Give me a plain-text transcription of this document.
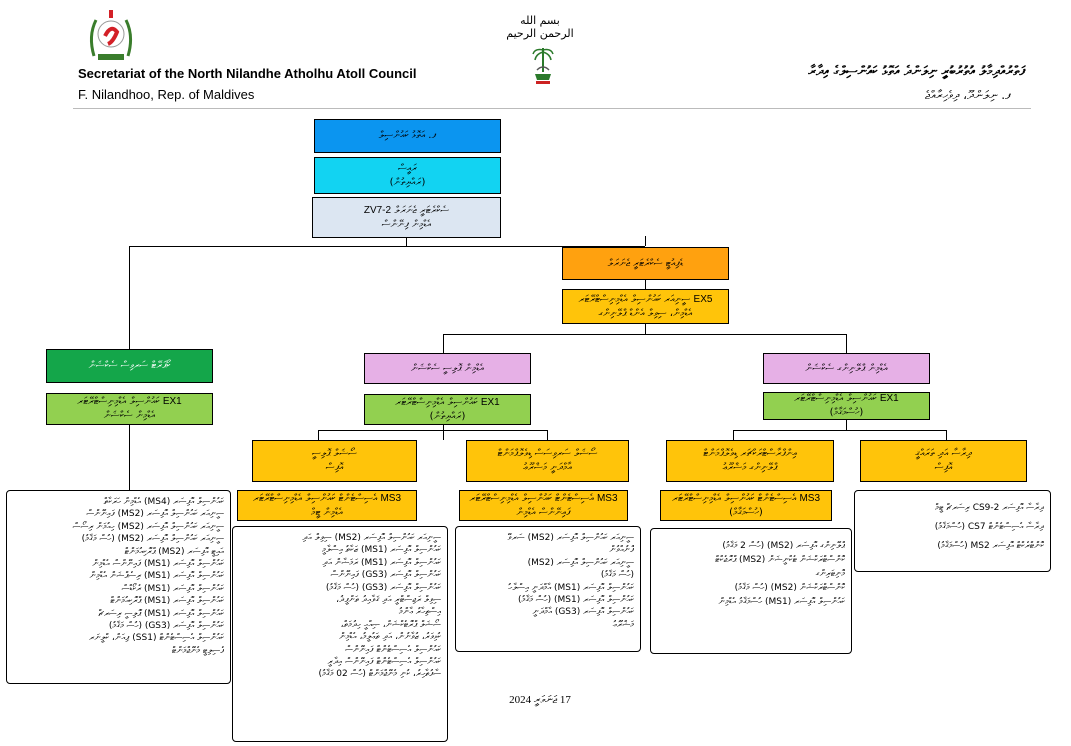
Secretariat of the North Nilandhe Atholhu Atoll Council
F. Nilandhoo, Rep. of Maldives
بسم الله الرحمن الرحيم
ފަތްރުއްދިމާލު އުތުރުބުރީ ނިލަންދެ އަތޮޅު ކައުންސިލްގެ އިދާރާ
ފ. ނިލަންދޫ، ދިވެހިރާއްޖެ
ފ. އަތޮޅު ކައުންސިލް
ރައީސް
(ރައްޔިތުން)
ސެކްރެޓަރީ ޖެނަރަލް ZV7-2
އެޑްމިން ފިނޭންސް
ޑެޕިއުޓީ ސެކްރެޓަރީ ޖެނަރަލް
EX5 ސީނިއަރ ކައުންސިލް އެޑްމިނިސްޓްރޭޓަރ
އެޑްމިން، ސިވިލް އެންޑް ޕްލޭނިންގ
ކޯޕަރޭޓް ސަރވިސް ސެކްޝަން
EX1 ކައުންސިލް އެޑްމިނިސްޓްރޭޓަރ
އެޑްމިން ސެކްޝަން
އެޑްމިން ޕޮލިސީ ސެކްޝަން
EX1 ކައުންސިލް އެޑްމިނިސްޓްރޭޓަރ
(ރައްޔިތުން)
އެޑްމިން ޕްލޭނިންގ ސެކްޝަން
EX1 ކައުންސިލް އެޑްމިނިސްޓްރޭޓަރ
(ހުސްމަޤާމް)
ސޯޝަލް ޕޮލިސީ
އޮފިސް
MS3 އެސިސްޓެންޓް ކައުންސިލް އެޑްމިނިސްޓްރޭޓަރ
އެޑްމިން ޓީމް
ސޯޝަލް ސަރވިސަސް ޑިވެލޮޕްމަންޓް
އާމްދަނީ މަޝްރޫޢު
MS3 އެސިސްޓެންޓް ކައުންސިލް އެޑްމިނިސްޓްރޭޓަރ
ފައިނޭންސް އެޑްމިން
އިންފްރާސްޓްރަކްޗަރ ޑިވެލޮޕްމަންޓް
ޕްލޭނިންގ މަޝްރޫޢު
MS3 އެސިސްޓެންޓް ކައުންސިލް އެޑްމިނިސްޓްރޭޓަރ
(ހުސްމަޤާމް)
ދިރާސާ އަދި ތަރައްޤީ
އޮފިސް
ކައުންސިލް އޮފިސަރ (MS4) އެޑްމިން ހަރަކާތް
ސީނިއަރ ކައުންސިލް އޮފިސަރ (MS2) ފައިނޭންސް
ސީނިއަރ ކައުންސިލް އޮފިސަރ (MS2) ހިއުމަން ރިސޯސް
ސީނިއަރ ކައުންސިލް އޮފިސަރ (MS2) (ހުސް މަޤާމު)
އައިޓީ އޮފިސަރ (MS2) ޕްރޮކިއުމަންޓް
ކައުންސިލް އޮފިސަރ (MS1) ފައިނޭންސް އެޑްމިން
ކައުންސިލް އޮފިސަރ (MS1) ރިސެޕްޝަން އެޑްމިން
ކައުންސިލް އޮފިސަރ (MS1) ރެކޯޑްސް
ކައުންސިލް އޮފިސަރ (MS1) ޕްރޮކިއުމަންޓް
ކައުންސިލް އޮފިސަރ (MS1) ޕޮލިސީ ރިސަރޗް
ކައުންސިލް އޮފިސަރ (GS3) (ހުސް މަޤާމު)
ކައުންސިލް އެސިސްޓެންޓް (SS1) ޕިއަން، ކްލީނަރ
ފެސިލިޓީ މެނޭޖްމަންޓް
ސީނިއަރ ކައުންސިލް އޮފިސަރ (MS2) ސިވިލް އަދި
ކައުންސިލް އޮފިސަރ (MS1) ޒަކާތު އިސްލާމީ
ކައުންސިލް އޮފިސަރ (MS1) ރަމަޟާން އަދި
ކައުންސިލް އޮފިސަރ (GS3) ފައިނޭންސް
ކައުންސިލް އޮފިސަރ (GS3) (ހުސް މަޤާމު)
ސިވިލް ރަޖިސްޓްރީ އަދި ޤަވާއިދު ތަންފީޛު،
އިސްތިހާރު ޢާންމު
ސޯޝަލް ޕްރޮޓެކްޝަން، ޞިއްޙީ ހިދުމަތް،
ކުޅިވަރު، ޒުވާނުން، އަދި ތަޢުލީމު، އެޑްމިން
ކައުންސިލް އެސިސްޓެންޓް ފައިނޭންސް
ކައުންސިލް އެސިސްޓެންޓް ފައިނޭންސް އިދާރީ
ސާފުތާހިރު، ކުނި މެނޭޖްމަންޓް (ހުސް 02 މަޤާމު)
ސީނިއަރ ކައުންސިލް އޮފިސަރ (MS2) ސަރވޭ
ފޮނުއްވުން
ސީނިއަރ ކައުންސިލް އޮފިސަރ (MS2)
(ހުސް މަޤާމު)
ކައުންސިލް އޮފިސަރ (MS1) އާމްދަނީ އިސްލާހު
ކައުންސިލް އޮފިސަރ (MS1) (ހުސް މަޤާމު)
ކައުންސިލް އޮފިސަރ (GS3) އާމްދަނީ
މަޝްރޫޢު
ޕްލޭނިންގ އޮފިސަރ (MS2) (ހުސް 2 މަޤާމު)
ކޮންސްޓްރަކްޝަން ޓެކްނީޝަން (MS2) ޕްރޮޖެކްޓް
މޮނިޓަރިންގ
ކޮންސްޓްރަކްޝަން (MS2) (ހުސް މަޤާމު)
ކައުންސިލް އޮފިސަރ (MS1) ހުސްމަޤާމު އެޑްމިން
ދިރާސާ އޮފިސަރ CS9-2 ރިސަރޗް ޓީމް
ދިރާސާ އެސިސްޓެންޓް CS7 (ހުސްމަޤާމު)
ކޮންޓްރެކްޓް އޮފިސަރ MS2 (ހުސްމަޤާމު)
17 ޖަނަވަރީ 2024
